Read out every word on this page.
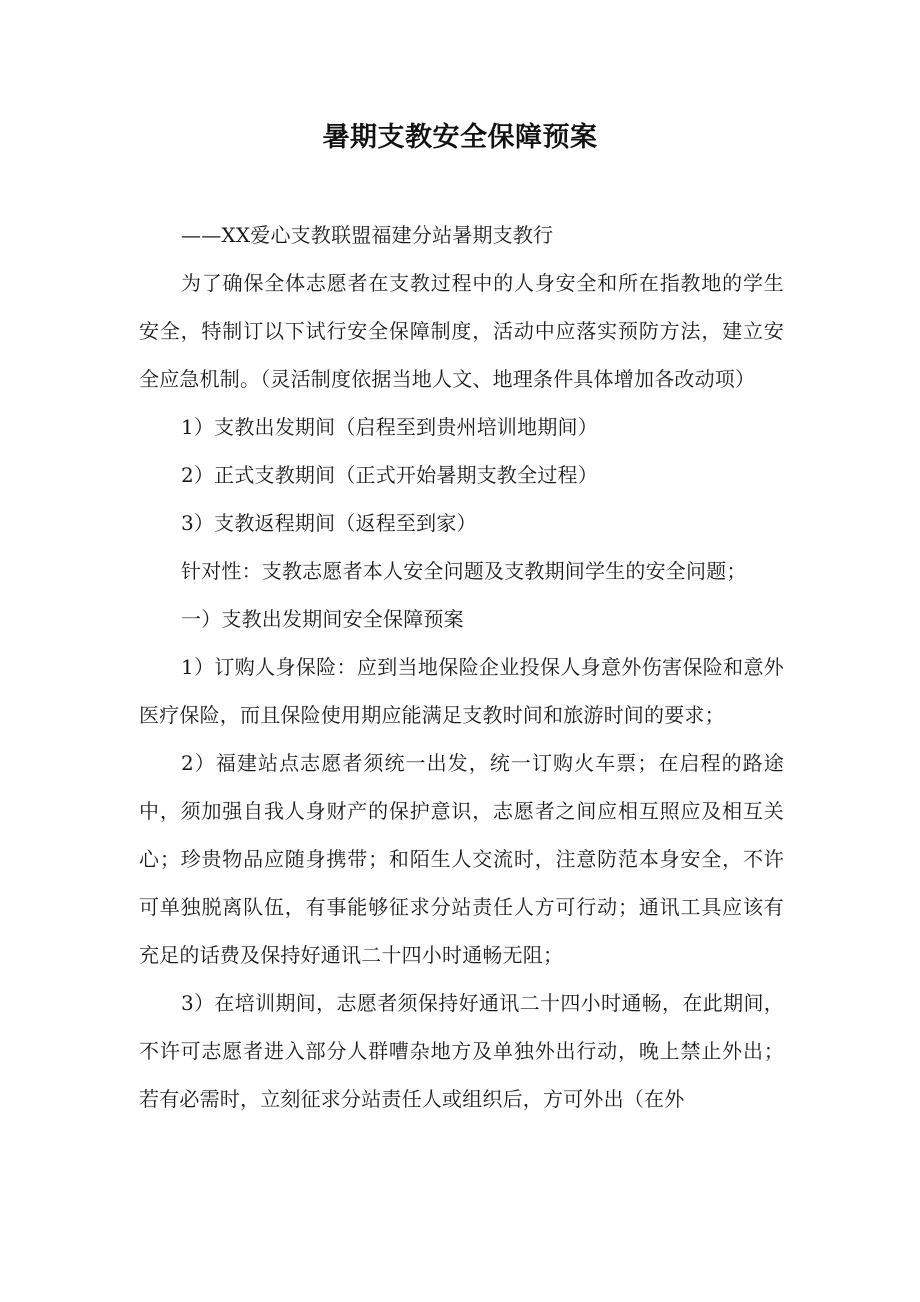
暑期支教安全保障预案

——XX爱心支教联盟福建分站暑期支教行

为了确保全体志愿者在支教过程中的人身安全和所在指教地的学生安全，特制订以下试行安全保障制度，活动中应落实预防方法，建立安全应急机制。（灵活制度依据当地人文、地理条件具体增加各改动项）

1）支教出发期间（启程至到贵州培训地期间）

2）正式支教期间（正式开始暑期支教全过程）

3）支教返程期间（返程至到家）

针对性：支教志愿者本人安全问题及支教期间学生的安全问题；

一）支教出发期间安全保障预案

1）订购人身保险：应到当地保险企业投保人身意外伤害保险和意外医疗保险，而且保险使用期应能满足支教时间和旅游时间的要求；

2）福建站点志愿者须统一出发，统一订购火车票；在启程的路途中，须加强自我人身财产的保护意识，志愿者之间应相互照应及相互关心；珍贵物品应随身携带；和陌生人交流时，注意防范本身安全，不许可单独脱离队伍，有事能够征求分站责任人方可行动；通讯工具应该有充足的话费及保持好通讯二十四小时通畅无阻；

3）在培训期间，志愿者须保持好通讯二十四小时通畅，在此期间，不许可志愿者进入部分人群嘈杂地方及单独外出行动，晚上禁止外出；若有必需时，立刻征求分站责任人或组织后，方可外出（在外
